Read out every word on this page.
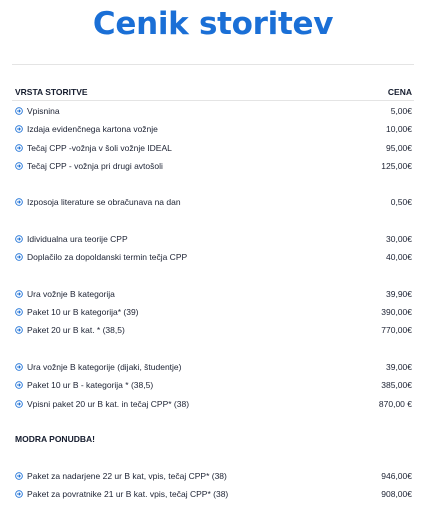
Cenik storitev
VRSTA STORITVE	CENA
Vpisnina	5,00€
Izdaja evidenčnega kartona vožnje	10,00€
Tečaj CPP -vožnja v šoli vožnje IDEAL	95,00€
Tečaj CPP - vožnja pri drugi avtošoli	125,00€
Izposoja literature se obračunava na dan	0,50€
Idividualna ura teorije CPP	30,00€
Doplačilo za dopoldanski termin tečja CPP	40,00€
Ura vožnje B kategorija	39,90€
Paket 10 ur B kategorija* (39)	390,00€
Paket 20 ur B kat. * (38,5)	770,00€
Ura vožnje B kategorije (dijaki, študentje)	39,00€
Paket 10 ur B - kategorija * (38,5)	385,00€
Vpisni paket 20 ur B kat. in tečaj CPP* (38)	870,00 €
MODRA PONUDBA!
Paket za nadarjene 22 ur B kat, vpis, tečaj CPP* (38)	946,00€
Paket za povratnike 21 ur B kat. vpis, tečaj CPP* (38)	908,00€
